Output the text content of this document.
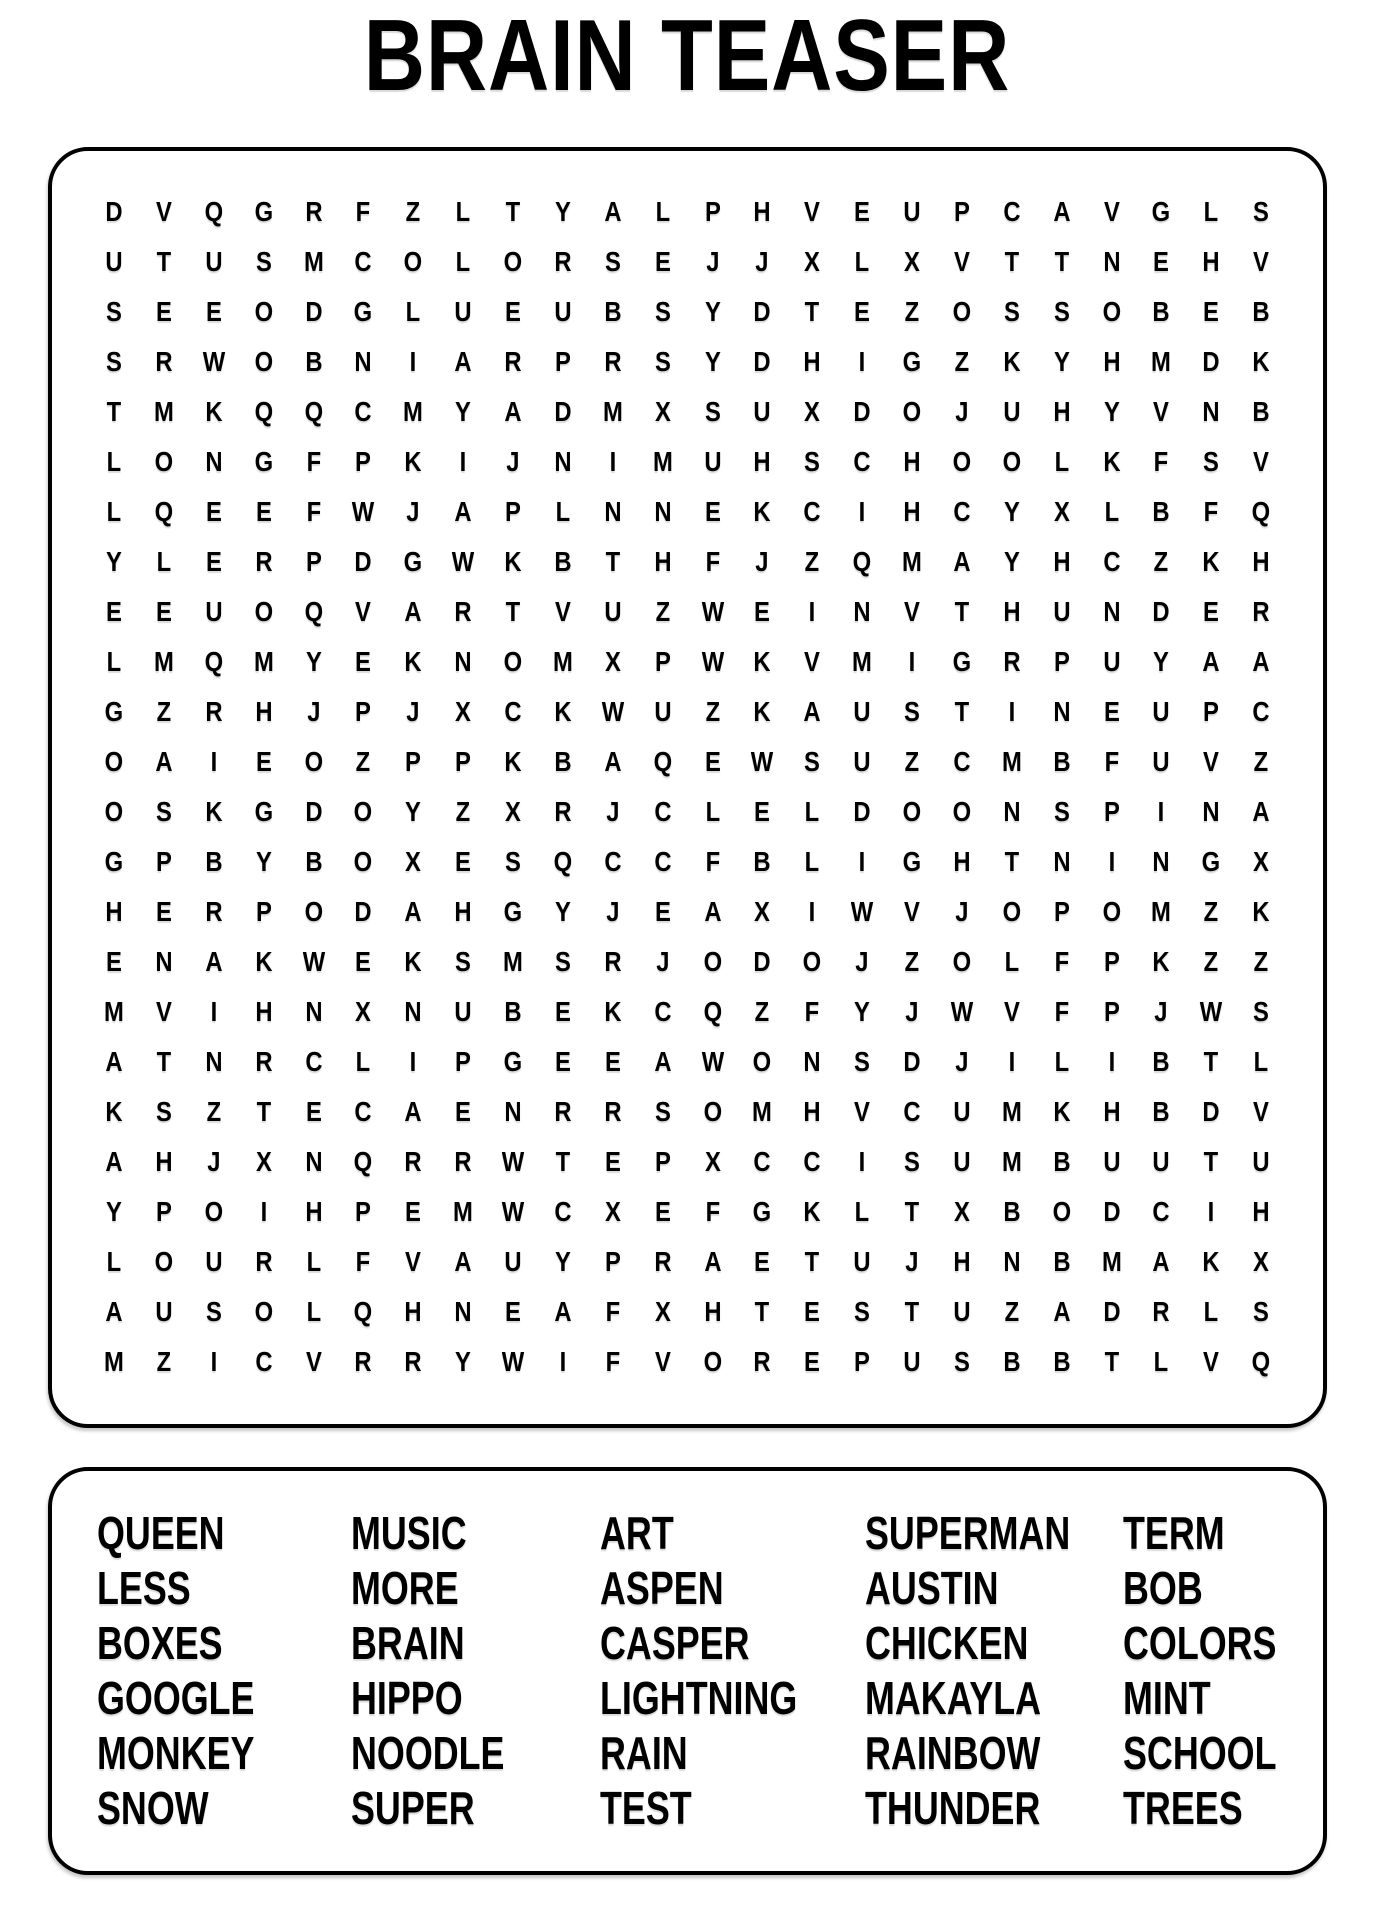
BRAIN TEASER
D	V	Q	G	R	F	Z	L	T	Y	A	L	P	H	V	E	U	P	C	A	V	G	L	S
U	T	U	S	M	C	O	L	O	R	S	E	J	J	X	L	X	V	T	T	N	E	H	V
S	E	E	O	D	G	L	U	E	U	B	S	Y	D	T	E	Z	O	S	S	O	B	E	B
S	R	W	O	B	N	I	A	R	P	R	S	Y	D	H	I	G	Z	K	Y	H	M	D	K
T	M	K	Q	Q	C	M	Y	A	D	M	X	S	U	X	D	O	J	U	H	Y	V	N	B
L	O	N	G	F	P	K	I	J	N	I	M	U	H	S	C	H	O	O	L	K	F	S	V
L	Q	E	E	F	W	J	A	P	L	N	N	E	K	C	I	H	C	Y	X	L	B	F	Q
Y	L	E	R	P	D	G	W	K	B	T	H	F	J	Z	Q	M	A	Y	H	C	Z	K	H
E	E	U	O	Q	V	A	R	T	V	U	Z	W	E	I	N	V	T	H	U	N	D	E	R
L	M	Q	M	Y	E	K	N	O	M	X	P	W	K	V	M	I	G	R	P	U	Y	A	A
G	Z	R	H	J	P	J	X	C	K	W	U	Z	K	A	U	S	T	I	N	E	U	P	C
O	A	I	E	O	Z	P	P	K	B	A	Q	E	W	S	U	Z	C	M	B	F	U	V	Z
O	S	K	G	D	O	Y	Z	X	R	J	C	L	E	L	D	O	O	N	S	P	I	N	A
G	P	B	Y	B	O	X	E	S	Q	C	C	F	B	L	I	G	H	T	N	I	N	G	X
H	E	R	P	O	D	A	H	G	Y	J	E	A	X	I	W	V	J	O	P	O	M	Z	K
E	N	A	K	W	E	K	S	M	S	R	J	O	D	O	J	Z	O	L	F	P	K	Z	Z
M	V	I	H	N	X	N	U	B	E	K	C	Q	Z	F	Y	J	W	V	F	P	J	W	S
A	T	N	R	C	L	I	P	G	E	E	A	W	O	N	S	D	J	I	L	I	B	T	L
K	S	Z	T	E	C	A	E	N	R	R	S	O	M	H	V	C	U	M	K	H	B	D	V
A	H	J	X	N	Q	R	R	W	T	E	P	X	C	C	I	S	U	M	B	U	U	T	U
Y	P	O	I	H	P	E	M	W	C	X	E	F	G	K	L	T	X	B	O	D	C	I	H
L	O	U	R	L	F	V	A	U	Y	P	R	A	E	T	U	J	H	N	B	M	A	K	X
A	U	S	O	L	Q	H	N	E	A	F	X	H	T	E	S	T	U	Z	A	D	R	L	S
M	Z	I	C	V	R	R	Y	W	I	F	V	O	R	E	P	U	S	B	B	T	L	V	Q
QUEEN
LESS
BOXES
GOOGLE
MONKEY
SNOW
MUSIC
MORE
BRAIN
HIPPO
NOODLE
SUPER
ART
ASPEN
CASPER
LIGHTNING
RAIN
TEST
SUPERMAN
AUSTIN
CHICKEN
MAKAYLA
RAINBOW
THUNDER
TERM
BOB
COLORS
MINT
SCHOOL
TREES
